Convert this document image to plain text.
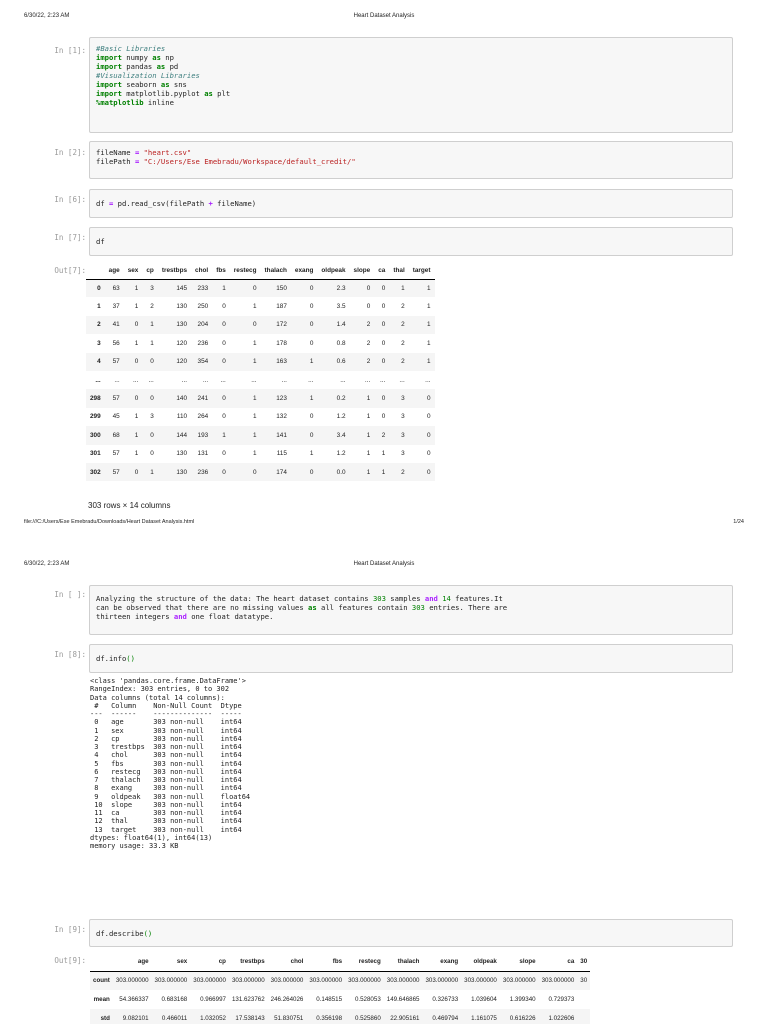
6/30/22, 2:23 AM	Heart Dataset Analysis
In [1]:	#Basic Libraries
import numpy as np
import pandas as pd
#Visualization Libraries
import seaborn as sns
import matplotlib.pyplot as plt
%matplotlib inline
In [2]:	fileName = "heart.csv"
filePath = "C:/Users/Ese Emebradu/Workspace/default_credit/"
In [6]:	df = pd.read_csv(filePath + fileName)
In [7]:	df
Out[7]:
		age	sex	cp	trestbps	chol	fbs	restecg	thalach	exang	oldpeak	slope	ca	thal	target
0	63	1	3	145	233	1	0	150	0	2.3	0	0	1	1
1	37	1	2	130	250	0	1	187	0	3.5	0	0	2	1
2	41	0	1	130	204	0	0	172	0	1.4	2	0	2	1
3	56	1	1	120	236	0	1	178	0	0.8	2	0	2	1
4	57	0	0	120	354	0	1	163	1	0.6	2	0	2	1
...	...	...	...	...	...	...	...	...	...	...	...	...	...	...
298	57	0	0	140	241	0	1	123	1	0.2	1	0	3	0
299	45	1	3	110	264	0	1	132	0	1.2	1	0	3	0
300	68	1	0	144	193	1	1	141	0	3.4	1	2	3	0
301	57	1	0	130	131	0	1	115	1	1.2	1	1	3	0
302	57	0	1	130	236	0	0	174	0	0.0	1	1	2	0
303 rows × 14 columns
file:///C:/Users/Ese Emebradu/Downloads/Heart Dataset Analysis.html	1/24
6/30/22, 2:23 AM	Heart Dataset Analysis
In [ ]:	Analyzing the structure of the data: The heart dataset contains 303 samples and 14 features.It
can be observed that there are no missing values as all features contain 303 entries. There are
thirteen integers and one float datatype.
In [8]:	df.info()
<class 'pandas.core.frame.DataFrame'>
RangeIndex: 303 entries, 0 to 302
Data columns (total 14 columns):
#   Column    Non-Null Count  Dtype
---  ------    --------------  -----
0   age       303 non-null    int64
1   sex       303 non-null    int64
2   cp        303 non-null    int64
3   trestbps  303 non-null    int64
4   chol      303 non-null    int64
5   fbs       303 non-null    int64
6   restecg   303 non-null    int64
7   thalach   303 non-null    int64
8   exang     303 non-null    int64
9   oldpeak   303 non-null    float64
10  slope     303 non-null    int64
11  ca        303 non-null    int64
12  thal      303 non-null    int64
13  target    303 non-null    int64
dtypes: float64(1), int64(13)
memory usage: 33.3 KB
In [9]:	df.describe()
Out[9]:
		age	sex	cp	trestbps	chol	fbs	restecg	thalach	exang	oldpeak	slope	ca	30
count	303.000000	303.000000	303.000000	303.000000	303.000000	303.000000	303.000000	303.000000	303.000000	303.000000	303.000000	303.000000	30
mean	54.366337	0.683168	0.966997	131.623762	246.264026	0.148515	0.528053	149.646865	0.326733	1.039604	1.399340	0.729373	
std	9.082101	0.466011	1.032052	17.538143	51.830751	0.356198	0.525860	22.905161	0.469794	1.161075	0.616226	1.022606	
